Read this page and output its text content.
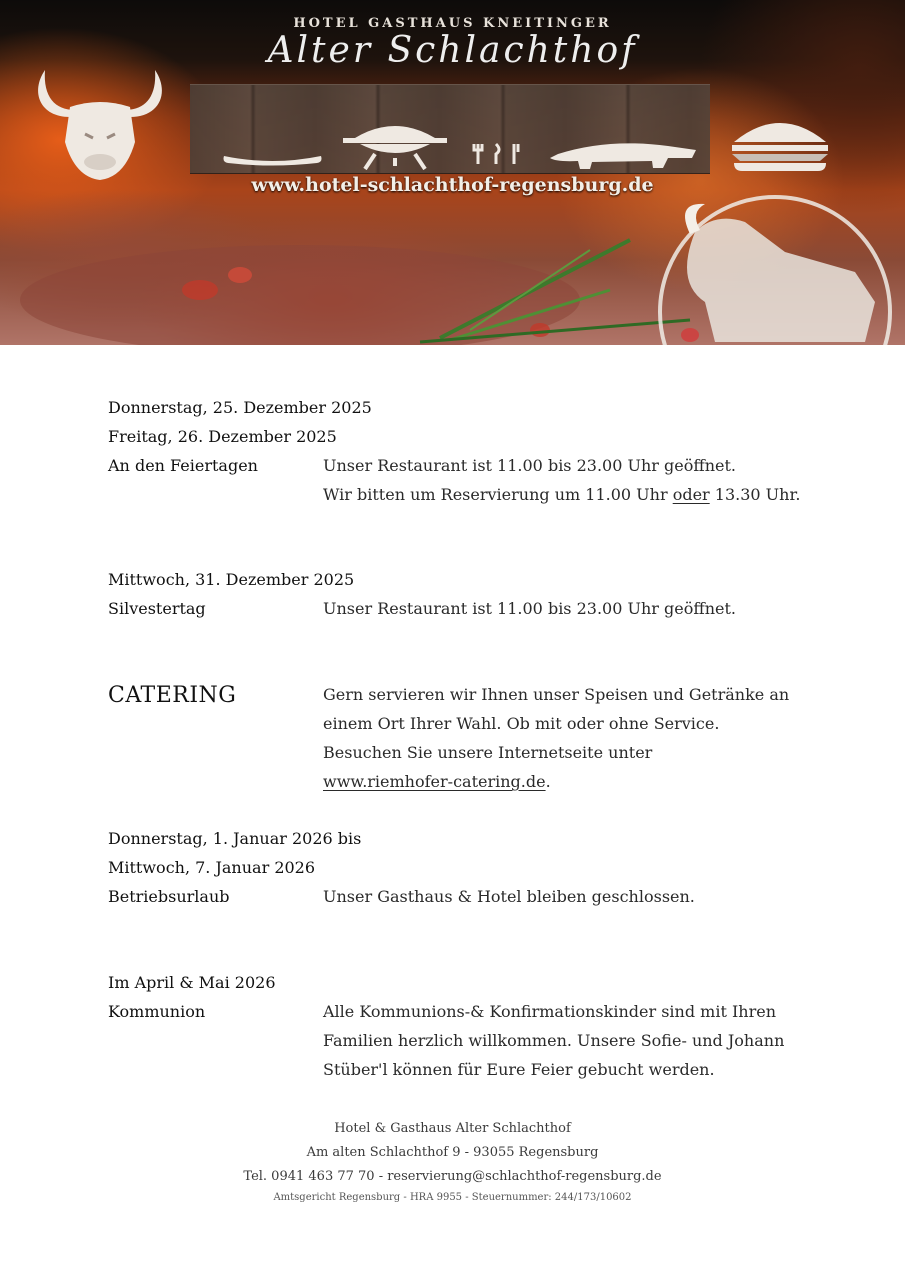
HOTEL GASTHAUS KNEITINGER
Alter Schlachthof
www.hotel-schlachthof-regensburg.de
Donnerstag, 25. Dezember 2025
Freitag, 26. Dezember 2025
An den Feiertagen	Unser Restaurant ist 11.00 bis 23.00 Uhr geöffnet.
Wir bitten um Reservierung um 11.00 Uhr oder 13.30 Uhr.
Mittwoch, 31. Dezember 2025
Silvestertag	Unser Restaurant ist 11.00 bis 23.00 Uhr geöffnet.
CATERING	Gern servieren wir Ihnen unser Speisen und Getränke an
einem Ort Ihrer Wahl. Ob mit oder ohne Service.
Besuchen Sie unsere Internetseite unter
www.riemhofer-catering.de.
Donnerstag, 1. Januar 2026 bis
Mittwoch, 7. Januar 2026
Betriebsurlaub	Unser Gasthaus & Hotel bleiben geschlossen.
Im April & Mai 2026
Kommunion	Alle Kommunions-& Konfirmationskinder sind mit Ihren
Familien herzlich willkommen. Unsere Sofie- und Johann
Stüber'l können für Eure Feier gebucht werden.
Hotel & Gasthaus Alter Schlachthof
Am alten Schlachthof 9 - 93055 Regensburg
Tel. 0941 463 77 70 - reservierung@schlachthof-regensburg.de
Amtsgericht Regensburg - HRA 9955 - Steuernummer: 244/173/10602
